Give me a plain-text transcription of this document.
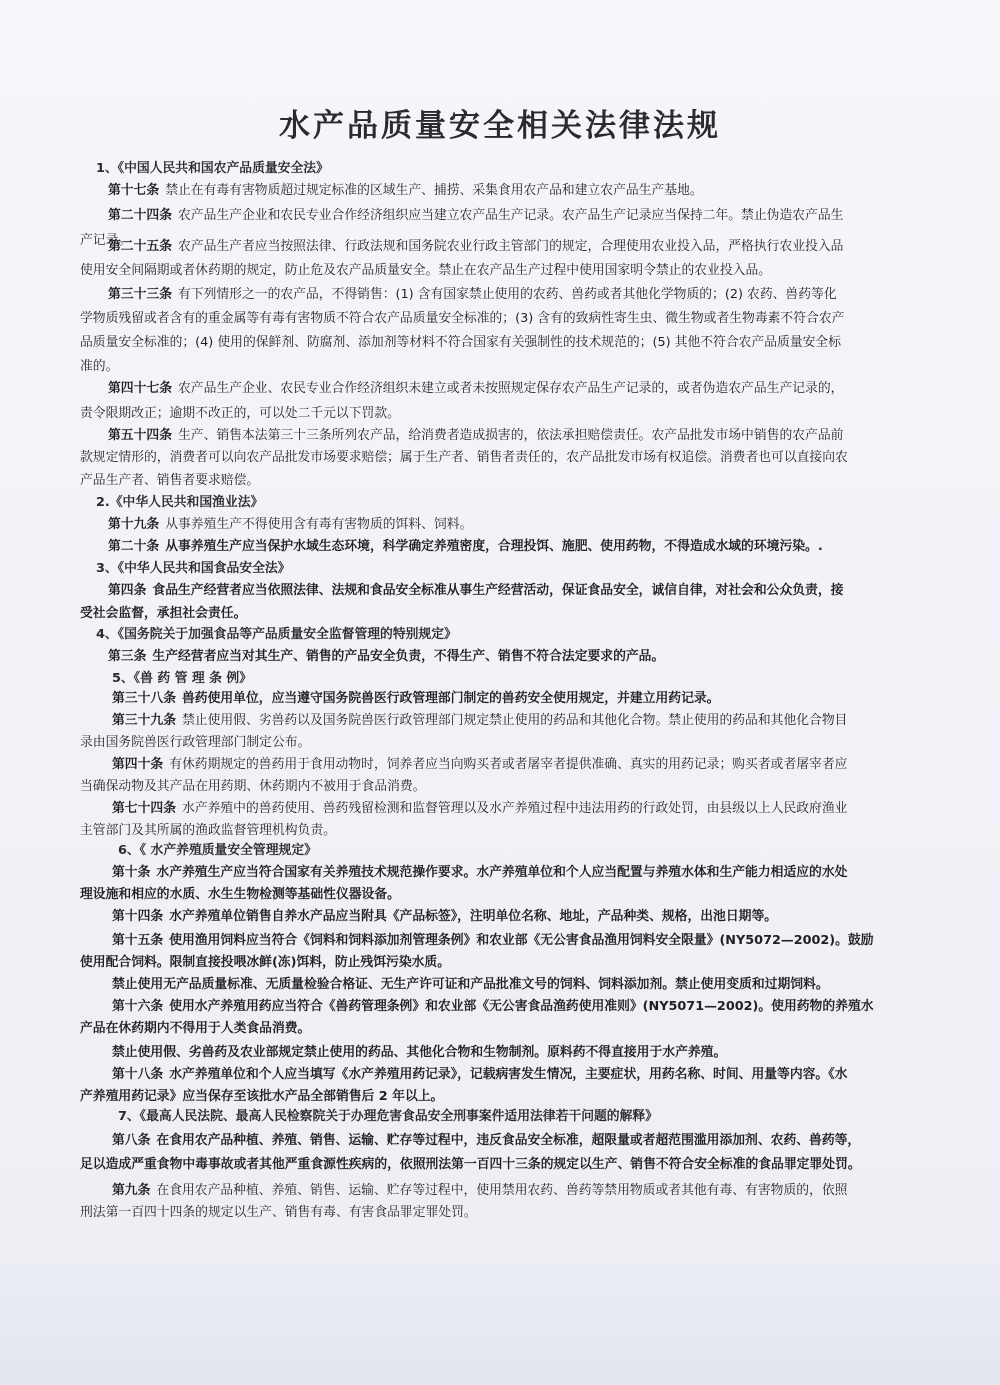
水产品质量安全相关法律法规

1、《中国人民共和国农产品质量安全法》

第十七条 禁止在有毒有害物质超过规定标准的区域生产、捕捞、采集食用农产品和建立农产品生产基地。

第二十四条 农产品生产企业和农民专业合作经济组织应当建立农产品生产记录。农产品生产记录应当保持二年。禁止伪造农产品生

产记录。

第二十五条 农产品生产者应当按照法律、行政法规和国务院农业行政主管部门的规定，合理使用农业投入品，严格执行农业投入品

使用安全间隔期或者休药期的规定，防止危及农产品质量安全。禁止在农产品生产过程中使用国家明令禁止的农业投入品。

第三十三条 有下列情形之一的农产品，不得销售：(1) 含有国家禁止使用的农药、兽药或者其他化学物质的；(2) 农药、兽药等化

学物质残留或者含有的重金属等有毒有害物质不符合农产品质量安全标准的；(3) 含有的致病性寄生虫、微生物或者生物毒素不符合农产

品质量安全标准的；(4) 使用的保鲜剂、防腐剂、添加剂等材料不符合国家有关强制性的技术规范的；(5) 其他不符合农产品质量安全标

准的。

第四十七条 农产品生产企业、农民专业合作经济组织未建立或者未按照规定保存农产品生产记录的，或者伪造农产品生产记录的，

责令限期改正；逾期不改正的，可以处二千元以下罚款。

第五十四条 生产、销售本法第三十三条所列农产品，给消费者造成损害的，依法承担赔偿责任。农产品批发市场中销售的农产品前

款规定情形的，消费者可以向农产品批发市场要求赔偿；属于生产者、销售者责任的，农产品批发市场有权追偿。消费者也可以直接向农

产品生产者、销售者要求赔偿。

2.《中华人民共和国渔业法》

第十九条 从事养殖生产不得使用含有毒有害物质的饵料、饲料。

第二十条 从事养殖生产应当保护水域生态环境，科学确定养殖密度，合理投饵、施肥、使用药物，不得造成水域的环境污染。.

3、《中华人民共和国食品安全法》

第四条 食品生产经营者应当依照法律、法规和食品安全标准从事生产经营活动，保证食品安全，诚信自律，对社会和公众负责，接

受社会监督，承担社会责任。

4、《国务院关于加强食品等产品质量安全监督管理的特别规定》

第三条 生产经营者应当对其生产、销售的产品安全负责，不得生产、销售不符合法定要求的产品。

5、《兽 药 管 理 条 例》

第三十八条 兽药使用单位，应当遵守国务院兽医行政管理部门制定的兽药安全使用规定，并建立用药记录。

第三十九条 禁止使用假、劣兽药以及国务院兽医行政管理部门规定禁止使用的药品和其他化合物。禁止使用的药品和其他化合物目

录由国务院兽医行政管理部门制定公布。

第四十条 有休药期规定的兽药用于食用动物时，饲养者应当向购买者或者屠宰者提供准确、真实的用药记录；购买者或者屠宰者应

当确保动物及其产品在用药期、休药期内不被用于食品消费。

第七十四条 水产养殖中的兽药使用、兽药残留检测和监督管理以及水产养殖过程中违法用药的行政处罚，由县级以上人民政府渔业

主管部门及其所属的渔政监督管理机构负责。

6、《 水产养殖质量安全管理规定》

第十条 水产养殖生产应当符合国家有关养殖技术规范操作要求。水产养殖单位和个人应当配置与养殖水体和生产能力相适应的水处

理设施和相应的水质、水生生物检测等基础性仪器设备。

第十四条 水产养殖单位销售自养水产品应当附具《产品标签》，注明单位名称、地址，产品种类、规格，出池日期等。

第十五条 使用渔用饲料应当符合《饲料和饲料添加剂管理条例》和农业部《无公害食品渔用饲料安全限量》(NY5072—2002)。鼓励

使用配合饲料。限制直接投喂冰鲜(冻)饵料，防止残饵污染水质。

禁止使用无产品质量标准、无质量检验合格证、无生产许可证和产品批准文号的饲料、饲料添加剂。禁止使用变质和过期饲料。

第十六条 使用水产养殖用药应当符合《兽药管理条例》和农业部《无公害食品渔药使用准则》(NY5071—2002)。使用药物的养殖水

产品在休药期内不得用于人类食品消费。

禁止使用假、劣兽药及农业部规定禁止使用的药品、其他化合物和生物制剂。原料药不得直接用于水产养殖。

第十八条 水产养殖单位和个人应当填写《水产养殖用药记录》，记载病害发生情况，主要症状，用药名称、时间、用量等内容。《水

产养殖用药记录》应当保存至该批水产品全部销售后 2 年以上。

7、《最高人民法院、最高人民检察院关于办理危害食品安全刑事案件适用法律若干问题的解释》

第八条 在食用农产品种植、养殖、销售、运输、贮存等过程中，违反食品安全标准，超限量或者超范围滥用添加剂、农药、兽药等，

足以造成严重食物中毒事故或者其他严重食源性疾病的，依照刑法第一百四十三条的规定以生产、销售不符合安全标准的食品罪定罪处罚。

第九条 在食用农产品种植、养殖、销售、运输、贮存等过程中，使用禁用农药、兽药等禁用物质或者其他有毒、有害物质的，依照

刑法第一百四十四条的规定以生产、销售有毒、有害食品罪定罪处罚。
